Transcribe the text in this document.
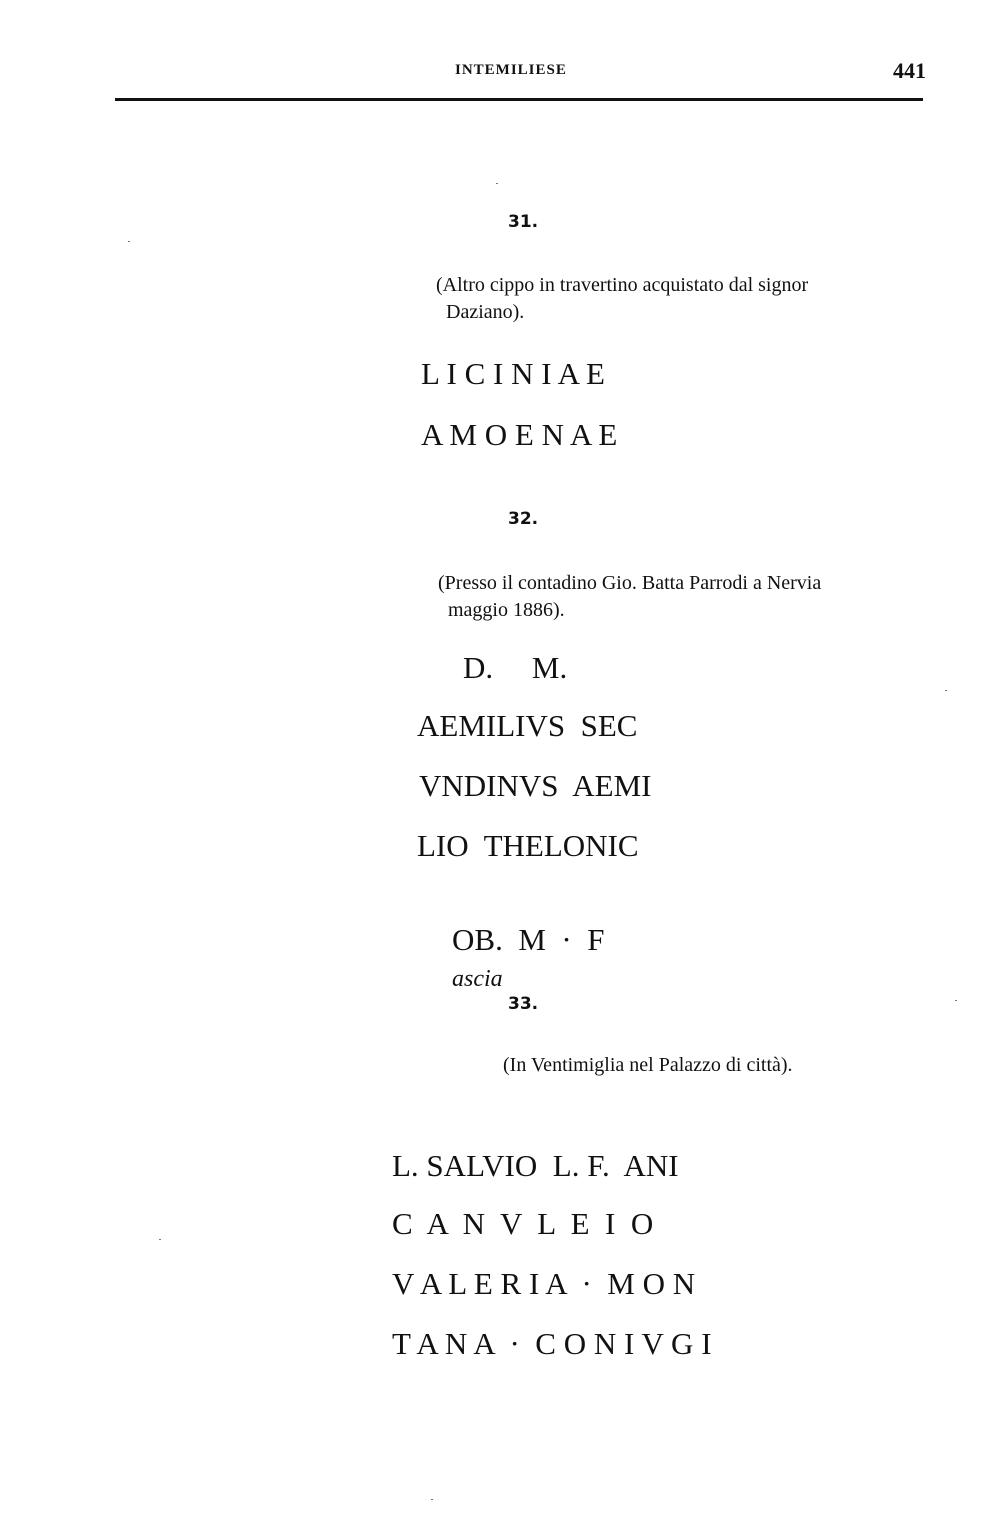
INTEMILIESE	441
31.
(Altro cippo in travertino acquistato dal signor
Daziano).
L I C I N I A E
A M O E N A E
32.
(Presso il contadino Gio. Batta Parrodi a Nervia
maggio 1886).
D.     M.
AEMILIVS  SEC
VNDINVS  AEMI
LIO  THELONIC

OB.  M  ·  F
ascia

33.
(In Ventimiglia nel Palazzo di città).
L. SALVIO  L. F.  ANI
C  A  N  V  L  E  I  O
V A L E R I A  ·  M O N
T A N A  ·  C O N I V G I
